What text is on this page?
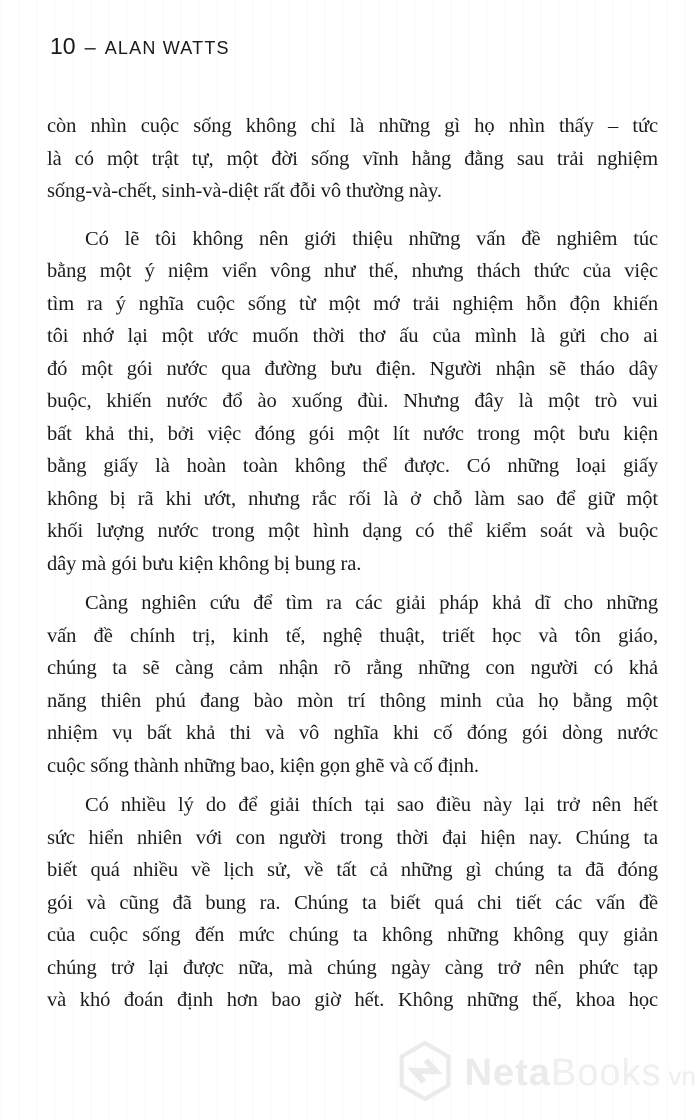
10 – ALAN WATTS
còn nhìn cuộc sống không chỉ là những gì họ nhìn thấy – tức
là có một trật tự, một đời sống vĩnh hằng đằng sau trải nghiệm
sống-và-chết, sinh-và-diệt rất đỗi vô thường này.
Có lẽ tôi không nên giới thiệu những vấn đề nghiêm túc
bằng một ý niệm viển vông như thế, nhưng thách thức của việc
tìm ra ý nghĩa cuộc sống từ một mớ trải nghiệm hỗn độn khiến
tôi nhớ lại một ước muốn thời thơ ấu của mình là gửi cho ai
đó một gói nước qua đường bưu điện. Người nhận sẽ tháo dây
buộc, khiến nước đổ ào xuống đùi. Nhưng đây là một trò vui
bất khả thi, bởi việc đóng gói một lít nước trong một bưu kiện
bằng giấy là hoàn toàn không thể được. Có những loại giấy
không bị rã khi ướt, nhưng rắc rối là ở chỗ làm sao để giữ một
khối lượng nước trong một hình dạng có thể kiểm soát và buộc
dây mà gói bưu kiện không bị bung ra.
Càng nghiên cứu để tìm ra các giải pháp khả dĩ cho những
vấn đề chính trị, kinh tế, nghệ thuật, triết học và tôn giáo,
chúng ta sẽ càng cảm nhận rõ rằng những con người có khả
năng thiên phú đang bào mòn trí thông minh của họ bằng một
nhiệm vụ bất khả thi và vô nghĩa khi cố đóng gói dòng nước
cuộc sống thành những bao, kiện gọn ghẽ và cố định.
Có nhiều lý do để giải thích tại sao điều này lại trở nên hết
sức hiển nhiên với con người trong thời đại hiện nay. Chúng ta
biết quá nhiều về lịch sử, về tất cả những gì chúng ta đã đóng
gói và cũng đã bung ra. Chúng ta biết quá chi tiết các vấn đề
của cuộc sống đến mức chúng ta không những không quy giản
chúng trở lại được nữa, mà chúng ngày càng trở nên phức tạp
và khó đoán định hơn bao giờ hết. Không những thế, khoa học
Neta Books vn
